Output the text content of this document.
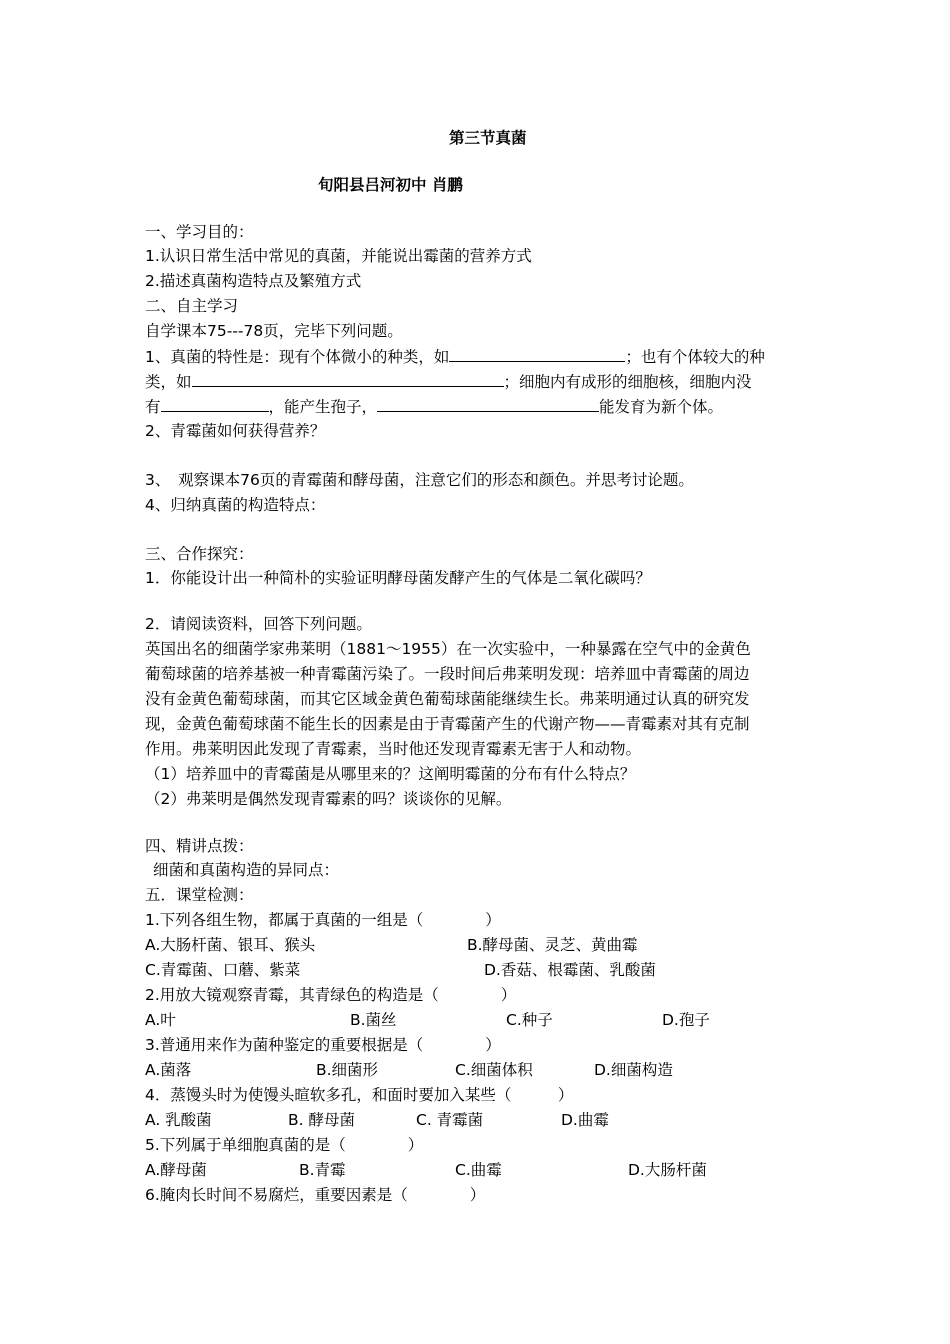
第三节真菌
旬阳县吕河初中 肖鹏
一、学习目的：
1.认识日常生活中常见的真菌，并能说出霉菌的营养方式
2.描述真菌构造特点及繁殖方式
二、自主学习
自学课本75---78页，完毕下列问题。
1、真菌的特性是：现有个体微小的种类，如	；也有个体较大的种
类，如	；细胞内有成形的细胞核，细胞内没
有	，能产生孢子，	能发育为新个体。
2、青霉菌如何获得营养？
3、　观察课本76页的青霉菌和酵母菌，注意它们的形态和颜色。并思考讨论题。
4、归纳真菌的构造特点：
三、合作探究：
1．你能设计出一种简朴的实验证明酵母菌发酵产生的气体是二氧化碳吗？
2．请阅读资料，回答下列问题。
英国出名的细菌学家弗莱明（1881～1955）在一次实验中，一种暴露在空气中的金黄色
葡萄球菌的培养基被一种青霉菌污染了。一段时间后弗莱明发现：培养皿中青霉菌的周边
没有金黄色葡萄球菌，而其它区域金黄色葡萄球菌能继续生长。弗莱明通过认真的研究发
现，金黄色葡萄球菌不能生长的因素是由于青霉菌产生的代谢产物——青霉素对其有克制
作用。弗莱明因此发现了青霉素，当时他还发现青霉素无害于人和动物。
（1）培养皿中的青霉菌是从哪里来的？这阐明霉菌的分布有什么特点？
（2）弗莱明是偶然发现青霉素的吗？谈谈你的见解。
四、精讲点拨：
细菌和真菌构造的异同点：
五．课堂检测：
1.下列各组生物，都属于真菌的一组是（　　　　）
A.大肠杆菌、银耳、猴头	B.酵母菌、灵芝、黄曲霉
C.青霉菌、口蘑、紫菜	D.香菇、根霉菌、乳酸菌
2.用放大镜观察青霉，其青绿色的构造是（　　　　）
A.叶	B.菌丝	C.种子	D.孢子
3.普通用来作为菌种鉴定的重要根据是（　　　　）
A.菌落	B.细菌形	C.细菌体积	D.细菌构造
4．蒸馒头时为使馒头暄软多孔，和面时要加入某些（　　　）
A. 乳酸菌	B. 酵母菌	C. 青霉菌	D.曲霉
5.下列属于单细胞真菌的是（　　　　）
A.酵母菌	B.青霉	C.曲霉	D.大肠杆菌
6.腌肉长时间不易腐烂，重要因素是（　　　　）
